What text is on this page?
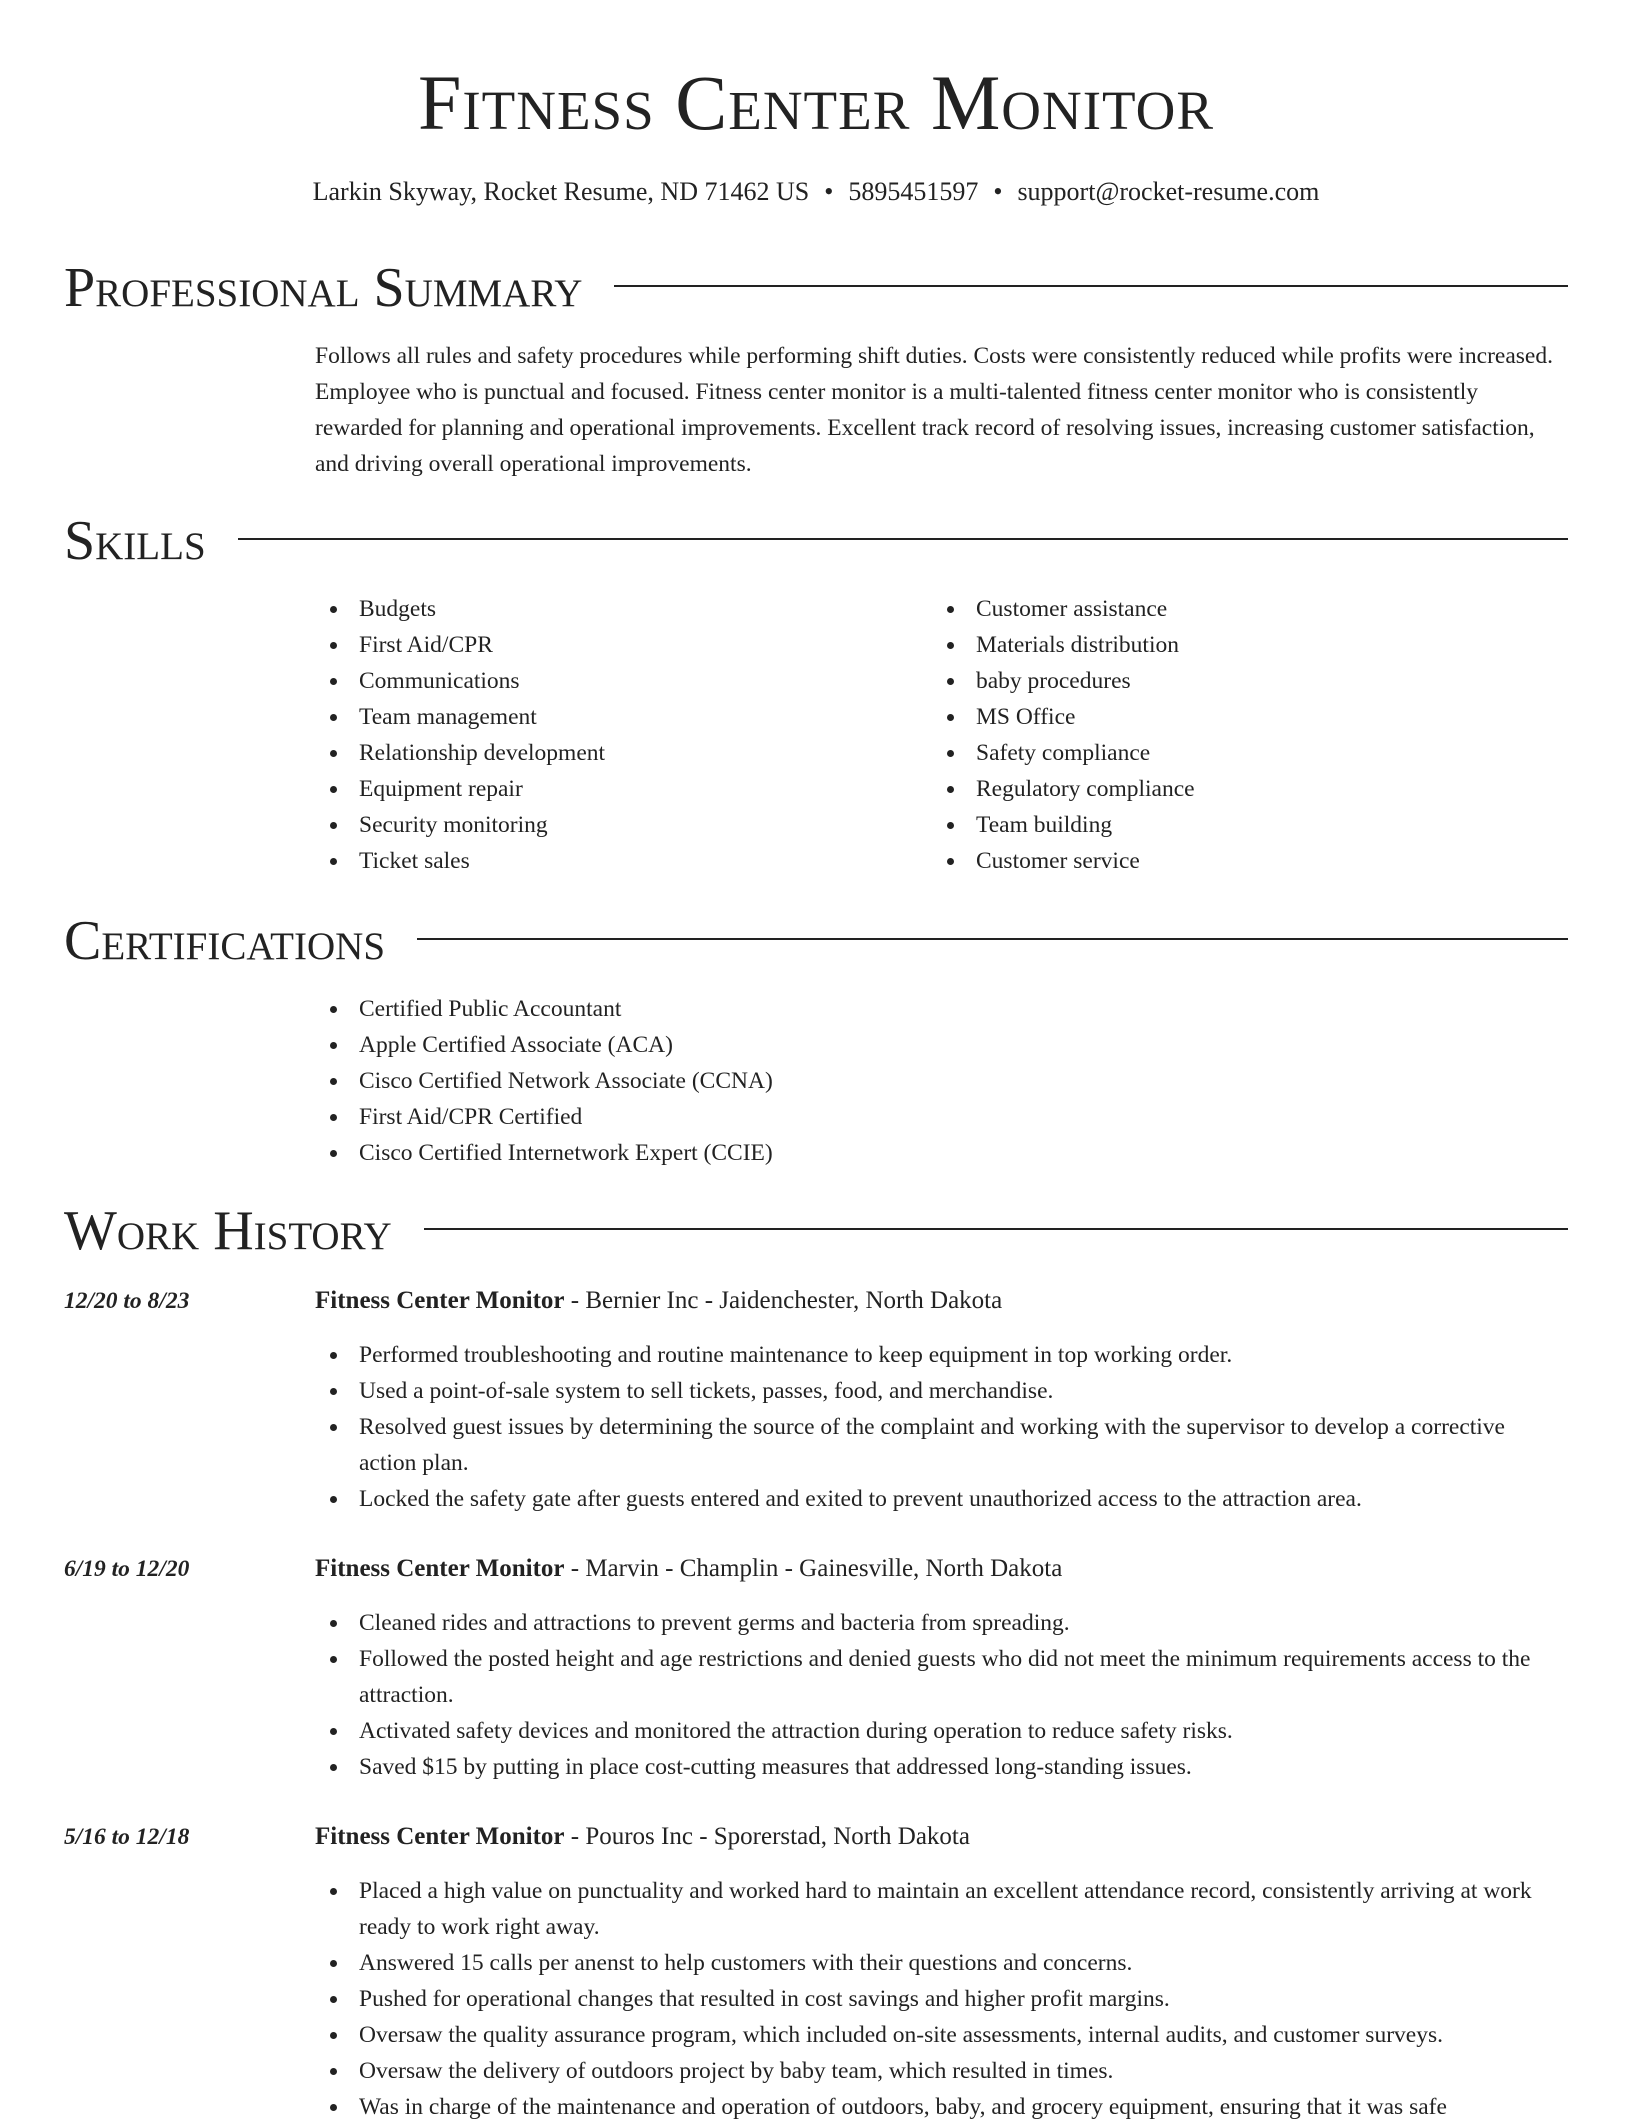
Fitness Center Monitor
Larkin Skyway, Rocket Resume, ND 71462 US • 5895451597 • support@rocket-resume.com
Professional Summary

Follows all rules and safety procedures while performing shift duties. Costs were consistently reduced while profits were increased. Employee who is punctual and focused. Fitness center monitor is a multi-talented fitness center monitor who is consistently rewarded for planning and operational improvements. Excellent track record of resolving issues, increasing customer satisfaction, and driving overall operational improvements.

Skills
Budgets
First Aid/CPR
Communications
Team management
Relationship development
Equipment repair
Security monitoring
Ticket sales
Customer assistance
Materials distribution
baby procedures
MS Office
Safety compliance
Regulatory compliance
Team building
Customer service
Certifications
Certified Public Accountant
Apple Certified Associate (ACA)
Cisco Certified Network Associate (CCNA)
First Aid/CPR Certified
Cisco Certified Internetwork Expert (CCIE)
Work History
12/20 to 8/23	Fitness Center Monitor - Bernier Inc - Jaidenchester, North Dakota
Performed troubleshooting and routine maintenance to keep equipment in top working order.
Used a point-of-sale system to sell tickets, passes, food, and merchandise.
Resolved guest issues by determining the source of the complaint and working with the supervisor to develop a corrective action plan.
Locked the safety gate after guests entered and exited to prevent unauthorized access to the attraction area.
6/19 to 12/20	Fitness Center Monitor - Marvin - Champlin - Gainesville, North Dakota
Cleaned rides and attractions to prevent germs and bacteria from spreading.
Followed the posted height and age restrictions and denied guests who did not meet the minimum requirements access to the attraction.
Activated safety devices and monitored the attraction during operation to reduce safety risks.
Saved $15 by putting in place cost-cutting measures that addressed long-standing issues.
5/16 to 12/18	Fitness Center Monitor - Pouros Inc - Sporerstad, North Dakota
Placed a high value on punctuality and worked hard to maintain an excellent attendance record, consistently arriving at work ready to work right away.
Answered 15 calls per anenst to help customers with their questions and concerns.
Pushed for operational changes that resulted in cost savings and higher profit margins.
Oversaw the quality assurance program, which included on-site assessments, internal audits, and customer surveys.
Oversaw the delivery of outdoors project by baby team, which resulted in times.
Was in charge of the maintenance and operation of outdoors, baby, and grocery equipment, ensuring that it was safe
